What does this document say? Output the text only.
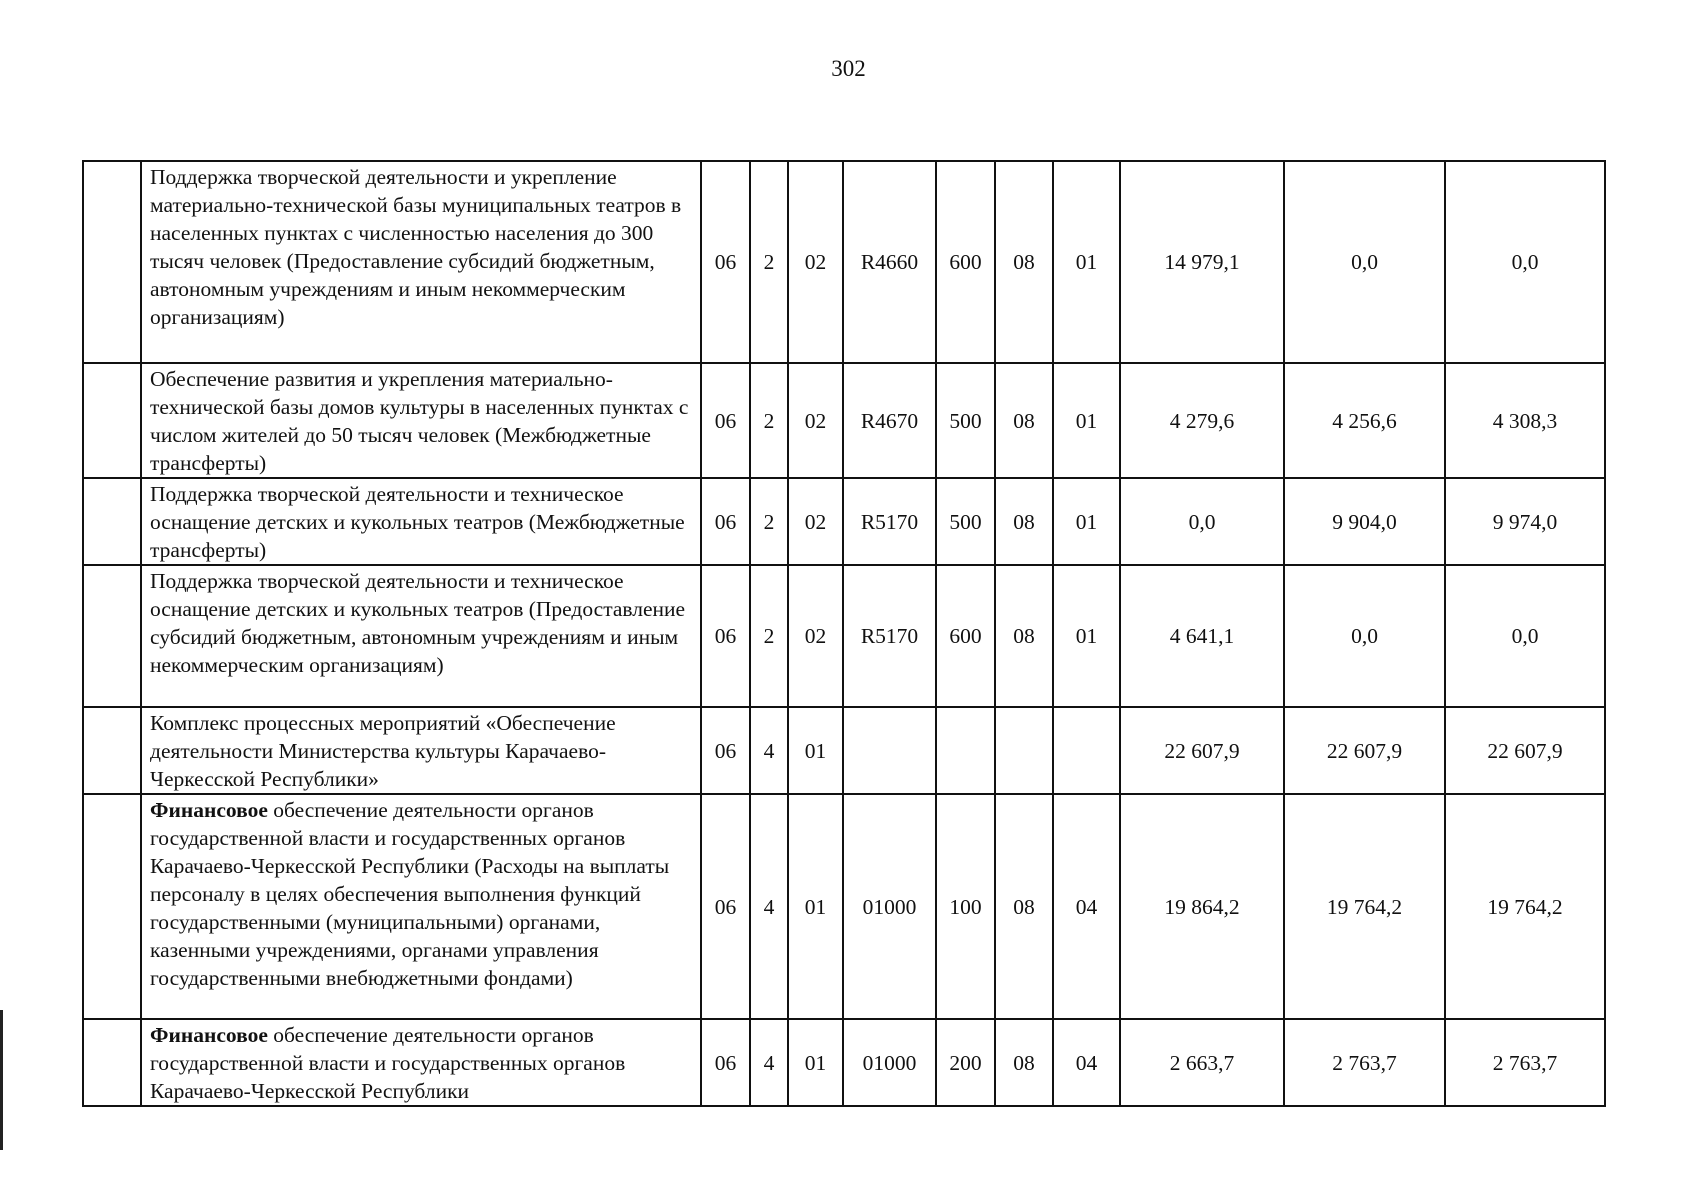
302
	Поддержка творческой деятельности и укрепление материально-технической базы муниципальных театров в населенных пунктах с численностью населения до 300 тысяч человек (Предоставление субсидий бюджетным, автономным учреждениям и иным некоммерческим организациям)	06	2	02	R4660	600	08	01	14 979,1	0,0	0,0
	Обеспечение развития и укрепления материально-технической базы домов культуры в населенных пунктах с числом жителей до 50 тысяч человек (Межбюджетные трансферты)	06	2	02	R4670	500	08	01	4 279,6	4 256,6	4 308,3
	Поддержка творческой деятельности и техническое оснащение детских и кукольных театров (Межбюджетные трансферты)	06	2	02	R5170	500	08	01	0,0	9 904,0	9 974,0
	Поддержка творческой деятельности и техническое оснащение детских и кукольных театров (Предоставление субсидий бюджетным, автономным учреждениям и иным некоммерческим организациям)	06	2	02	R5170	600	08	01	4 641,1	0,0	0,0
	Комплекс процессных мероприятий «Обеспечение деятельности Министерства культуры Карачаево-Черкесской Республики»	06	4	01					22 607,9	22 607,9	22 607,9
	Финансовое обеспечение деятельности органов государственной власти и государственных органов Карачаево-Черкесской Республики (Расходы на выплаты персоналу в целях обеспечения выполнения функций государственными (муниципальными) органами, казенными учреждениями, органами управления государственными внебюджетными фондами)	06	4	01	01000	100	08	04	19 864,2	19 764,2	19 764,2
	Финансовое обеспечение деятельности органов государственной власти и государственных органов Карачаево-Черкесской Республики	06	4	01	01000	200	08	04	2 663,7	2 763,7	2 763,7
